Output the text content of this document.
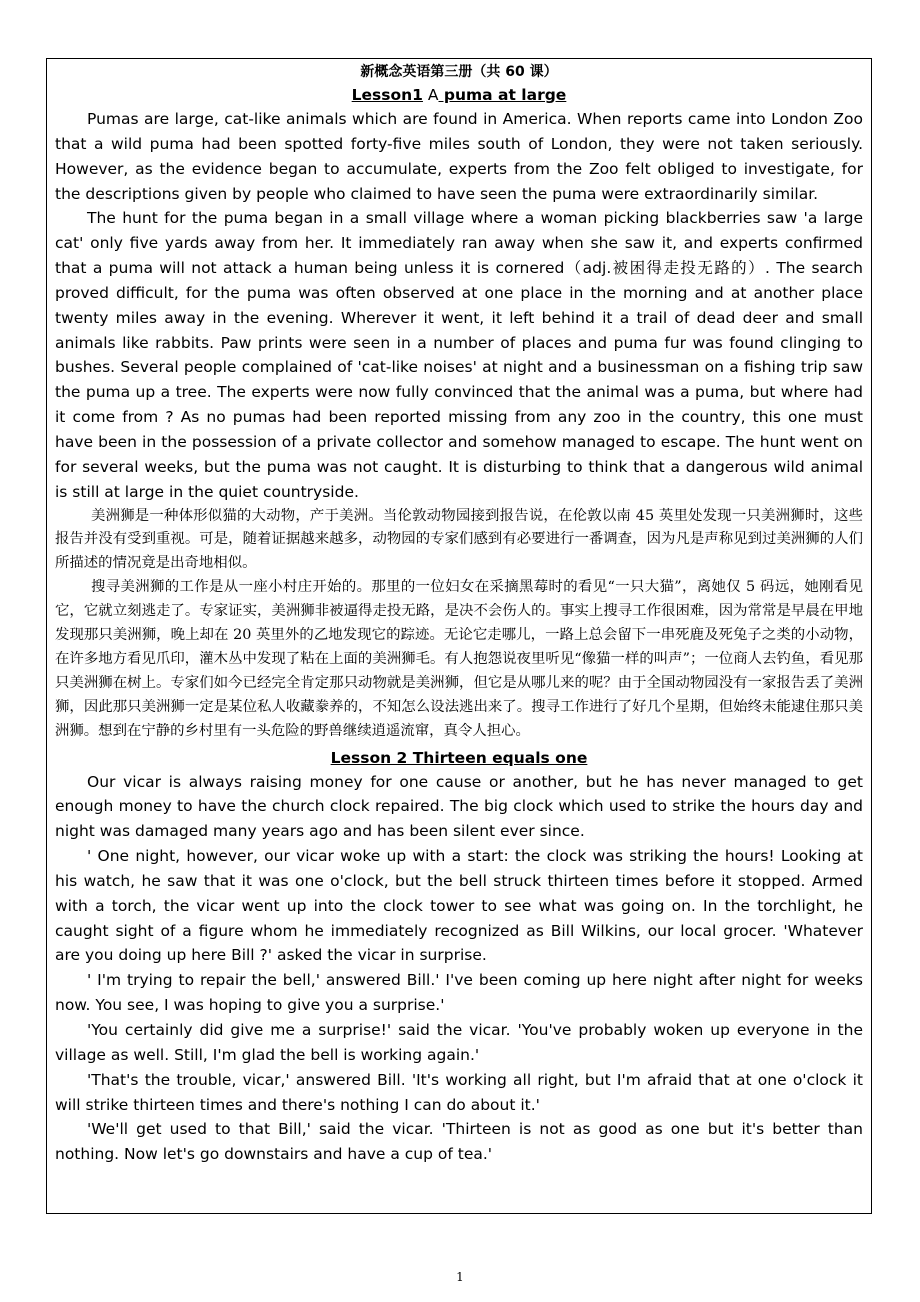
新概念英语第三册（共 60 课）
Lesson1 A puma at large

Pumas are large, cat-like animals which are found in America. When reports came into London Zoo that a wild puma had been spotted forty-five miles south of London, they were not taken seriously. However, as the evidence began to accumulate, experts from the Zoo felt obliged to investigate, for the descriptions given by people who claimed to have seen the puma were extraordinarily similar.

The hunt for the puma began in a small village where a woman picking blackberries saw 'a large cat' only five yards away from her. It immediately ran away when she saw it, and experts confirmed that a puma will not attack a human being unless it is cornered（adj.被困得走投无路的）. The search proved difficult, for the puma was often observed at one place in the morning and at another place twenty miles away in the evening. Wherever it went, it left behind it a trail of dead deer and small animals like rabbits. Paw prints were seen in a number of places and puma fur was found clinging to bushes. Several people complained of 'cat-like noises' at night and a businessman on a fishing trip saw the puma up a tree. The experts were now fully convinced that the animal was a puma, but where had it come from ? As no pumas had been reported missing from any zoo in the country, this one must have been in the possession of a private collector and somehow managed to escape. The hunt went on for several weeks, but the puma was not caught. It is disturbing to think that a dangerous wild animal is still at large in the quiet countryside.

美洲狮是一种体形似猫的大动物，产于美洲。当伦敦动物园接到报告说，在伦敦以南 45 英里处发现一只美洲狮时，这些报告并没有受到重视。可是，随着证据越来越多，动物园的专家们感到有必要进行一番调查，因为凡是声称见到过美洲狮的人们所描述的情况竟是出奇地相似。

搜寻美洲狮的工作是从一座小村庄开始的。那里的一位妇女在采摘黑莓时的看见“一只大猫”，离她仅 5 码远，她刚看见它，它就立刻逃走了。专家证实，美洲狮非被逼得走投无路，是决不会伤人的。事实上搜寻工作很困难，因为常常是早晨在甲地发现那只美洲狮，晚上却在 20 英里外的乙地发现它的踪迹。无论它走哪儿，一路上总会留下一串死鹿及死兔子之类的小动物，在许多地方看见爪印，灌木丛中发现了粘在上面的美洲狮毛。有人抱怨说夜里听见“像猫一样的叫声”；一位商人去钓鱼，看见那只美洲狮在树上。专家们如今已经完全肯定那只动物就是美洲狮，但它是从哪儿来的呢？由于全国动物园没有一家报告丢了美洲狮，因此那只美洲狮一定是某位私人收藏豢养的，不知怎么设法逃出来了。搜寻工作进行了好几个星期，但始终未能逮住那只美洲狮。想到在宁静的乡村里有一头危险的野兽继续逍遥流窜，真令人担心。

Lesson 2 Thirteen equals one

Our vicar is always raising money for one cause or another, but he has never managed to get enough money to have the church clock repaired. The big clock which used to strike the hours day and night was damaged many years ago and has been silent ever since.

' One night, however, our vicar woke up with a start: the clock was striking the hours! Looking at his watch, he saw that it was one o'clock, but the bell struck thirteen times before it stopped. Armed with a torch, the vicar went up into the clock tower to see what was going on. In the torchlight, he caught sight of a figure whom he immediately recognized as Bill Wilkins, our local grocer. 'Whatever are you doing up here Bill ?' asked the vicar in surprise.

' I'm trying to repair the bell,' answered Bill.' I've been coming up here night after night for weeks now. You see, I was hoping to give you a surprise.'

'You certainly did give me a surprise!' said the vicar. 'You've probably woken up everyone in the village as well. Still, I'm glad the bell is working again.'

'That's the trouble, vicar,' answered Bill. 'It's working all right, but I'm afraid that at one o'clock it will strike thirteen times and there's nothing I can do about it.'

'We'll get used to that Bill,' said the vicar. 'Thirteen is not as good as one but it's better than nothing. Now let's go downstairs and have a cup of tea.'

1
